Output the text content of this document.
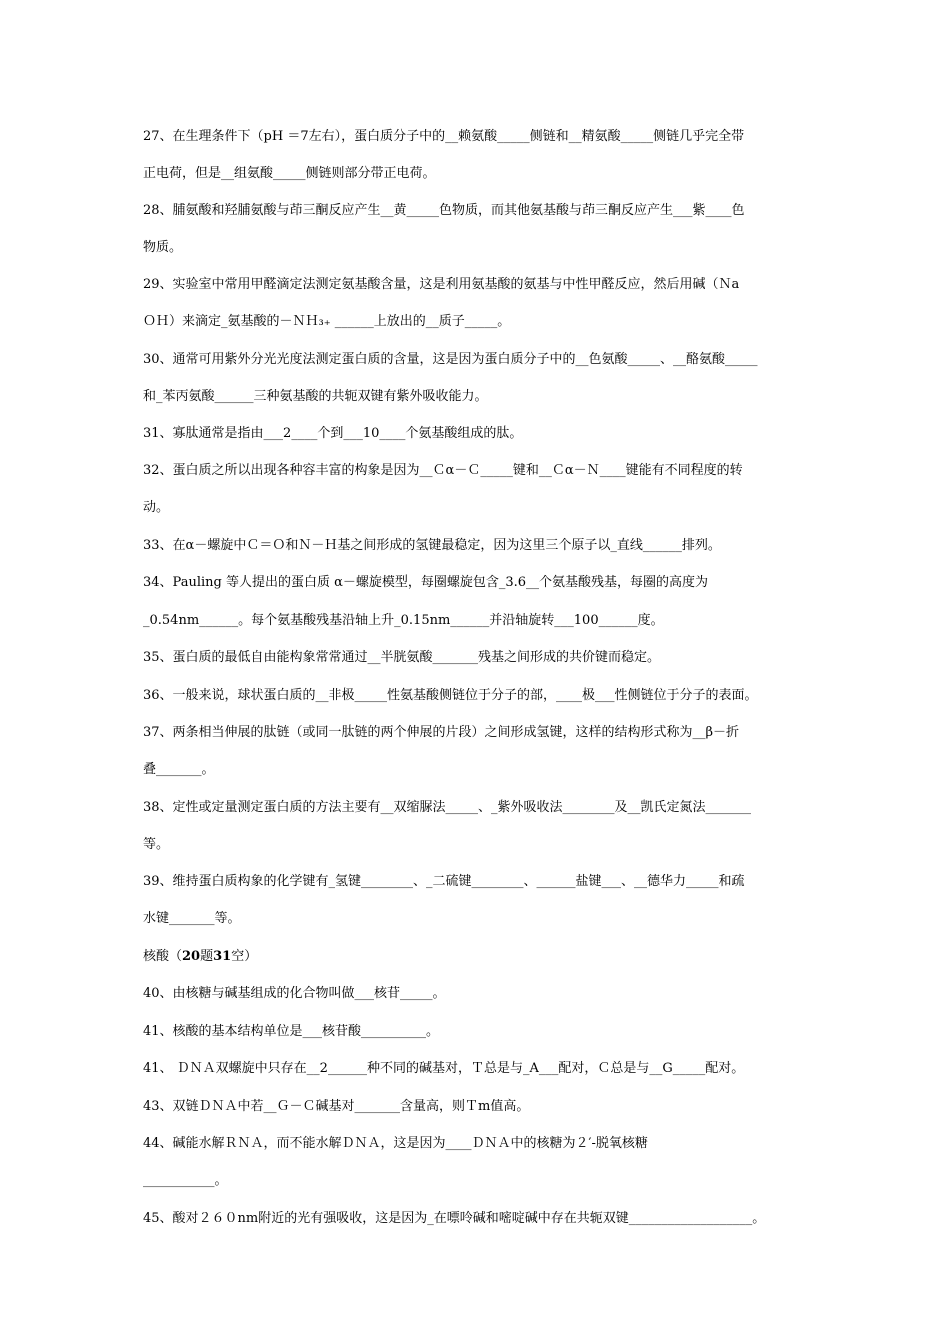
27、在生理条件下（pH ＝7左右），蛋白质分子中的__赖氨酸_____侧链和__精氨酸_____侧链几乎完全带
正电荷，但是__组氨酸_____侧链则部分带正电荷。
28、脯氨酸和羟脯氨酸与茚三酮反应产生__黄_____色物质，而其他氨基酸与茚三酮反应产生___紫____色
物质。
29、实验室中常用甲醛滴定法测定氨基酸含量，这是利用氨基酸的氨基与中性甲醛反应，然后用碱（Ｎa
ＯＨ）来滴定_氨基酸的－ＮＨ₃₊ ______上放出的__质子_____。
30、通常可用紫外分光光度法测定蛋白质的含量，这是因为蛋白质分子中的__色氨酸_____、__酪氨酸_____
和_苯丙氨酸______三种氨基酸的共轭双键有紫外吸收能力。
31、寡肽通常是指由___2____个到___10____个氨基酸组成的肽。
32、蛋白质之所以出现各种容丰富的构象是因为__Ｃα－Ｃ_____键和__Ｃα－Ｎ____键能有不同程度的转
动。
33、在α－螺旋中Ｃ＝Ｏ和Ｎ－Ｈ基之间形成的氢键最稳定，因为这里三个原子以_直线______排列。
34、Pauling 等人提出的蛋白质 α－螺旋模型，每圈螺旋包含_3.6__个氨基酸残基，每圈的高度为
_0.54nm______。每个氨基酸残基沿轴上升_0.15nm______并沿轴旋转___100______度。
35、蛋白质的最低自由能构象常常通过__半胱氨酸_______残基之间形成的共价键而稳定。
36、一般来说，球状蛋白质的__非极_____性氨基酸侧链位于分子的部，____极___性侧链位于分子的表面。
37、两条相当伸展的肽链（或同一肽链的两个伸展的片段）之间形成氢键，这样的结构形式称为__β－折
叠_______。
38、定性或定量测定蛋白质的方法主要有__双缩脲法_____、_紫外吸收法________及__凯氏定氮法_______
等。
39、维持蛋白质构象的化学键有_氢键________、_二硫键________、______盐键___、__德华力_____和疏
水键_______等。
核酸（20题31空）
40、由核糖与碱基组成的化合物叫做___核苷_____。
41、核酸的基本结构单位是___核苷酸__________。
41、 ＤＮＡ双螺旋中只存在__2______种不同的碱基对，Ｔ总是与_A___配对，Ｃ总是与__G_____配对。
43、双链ＤＮＡ中若__Ｇ－Ｃ碱基对_______含量高，则Ｔm值高。
44、碱能水解ＲＮＡ，而不能水解ＤＮＡ，这是因为____ＤＮＡ中的核糖为２′-脱氧核糖
___________。
45、酸对２６０nm附近的光有强吸收，这是因为_在嘌呤碱和嘧啶碱中存在共轭双键___________________。
